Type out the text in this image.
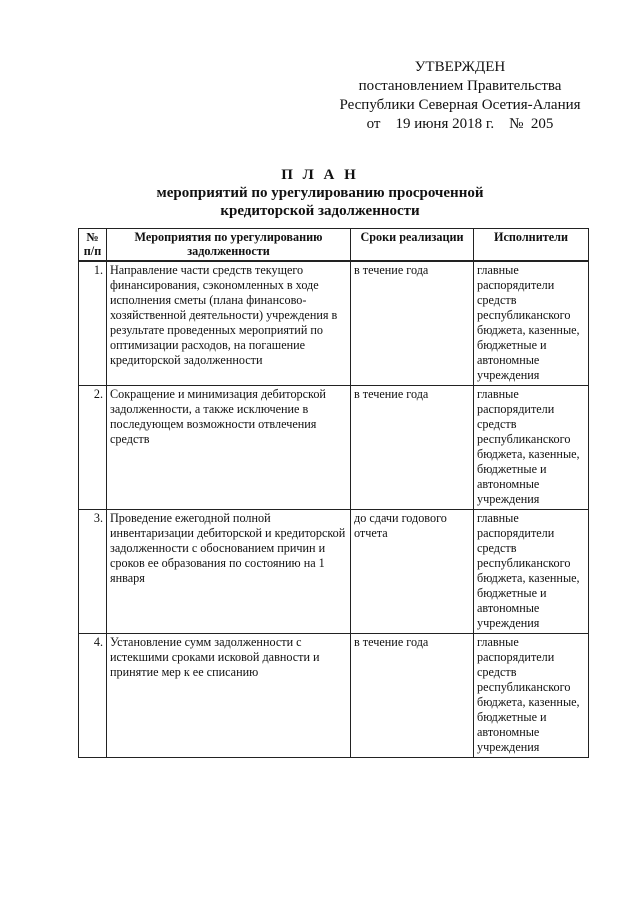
УТВЕРЖДЕН
постановлением Правительства
Республики Северная Осетия-Алания
от    19 июня 2018 г.    №  205
П Л А Н
мероприятий по урегулированию просроченной
кредиторской задолженности
№ п/п	Мероприятия по урегулированию задолженности	Сроки реализации	Исполнители
1.	Направление части средств текущего финансирования, сэкономленных в ходе исполнения сметы (плана финансово-хозяйственной деятельности) учреждения в результате проведенных мероприятий по оптимизации расходов, на погашение кредиторской задолженности	в течение года	главные распорядители средств республиканского бюджета, казенные, бюджетные и автономные учреждения
2.	Сокращение и минимизация дебиторской задолженности, а также исключение в последующем возможности отвлечения средств	в течение года	главные распорядители средств республиканского бюджета, казенные, бюджетные и автономные учреждения
3.	Проведение ежегодной полной инвентаризации дебиторской и кредиторской задолженности с обоснованием причин и сроков ее образования по состоянию на 1 января	до сдачи годового отчета	главные распорядители средств республиканского бюджета, казенные, бюджетные и автономные учреждения
4.	Установление сумм задолженности с истекшими сроками исковой давности и принятие мер к ее списанию	в течение года	главные распорядители средств республиканского бюджета, казенные, бюджетные и автономные учреждения
